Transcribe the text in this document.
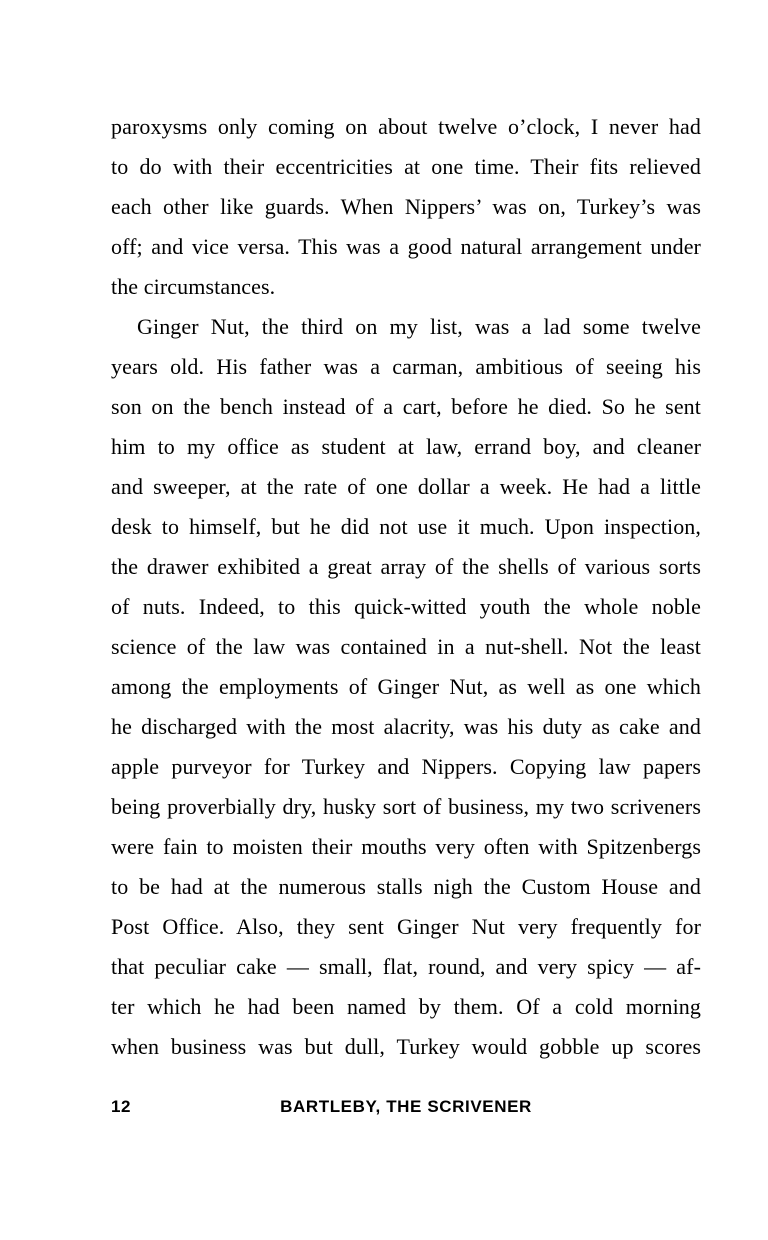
paroxysms only coming on about twelve o’clock, I never had
to do with their eccentricities at one time. Their fits relieved
each other like guards. When Nippers’ was on, Turkey’s was
off; and vice versa. This was a good natural arrangement under
the circumstances.
Ginger Nut, the third on my list, was a lad some twelve
years old. His father was a carman, ambitious of seeing his
son on the bench instead of a cart, before he died. So he sent
him to my office as student at law, errand boy, and cleaner
and sweeper, at the rate of one dollar a week. He had a little
desk to himself, but he did not use it much. Upon inspection,
the drawer exhibited a great array of the shells of various sorts
of nuts. Indeed, to this quick-witted youth the whole noble
science of the law was contained in a nut-shell. Not the least
among the employments of Ginger Nut, as well as one which
he discharged with the most alacrity, was his duty as cake and
apple purveyor for Turkey and Nippers. Copying law papers
being proverbially dry, husky sort of business, my two scriveners
were fain to moisten their mouths very often with Spitzenbergs
to be had at the numerous stalls nigh the Custom House and
Post Office. Also, they sent Ginger Nut very frequently for
that peculiar cake — small, flat, round, and very spicy — af-
ter which he had been named by them. Of a cold morning
when business was but dull, Turkey would gobble up scores
12	BARTLEBY, THE SCRIVENER
